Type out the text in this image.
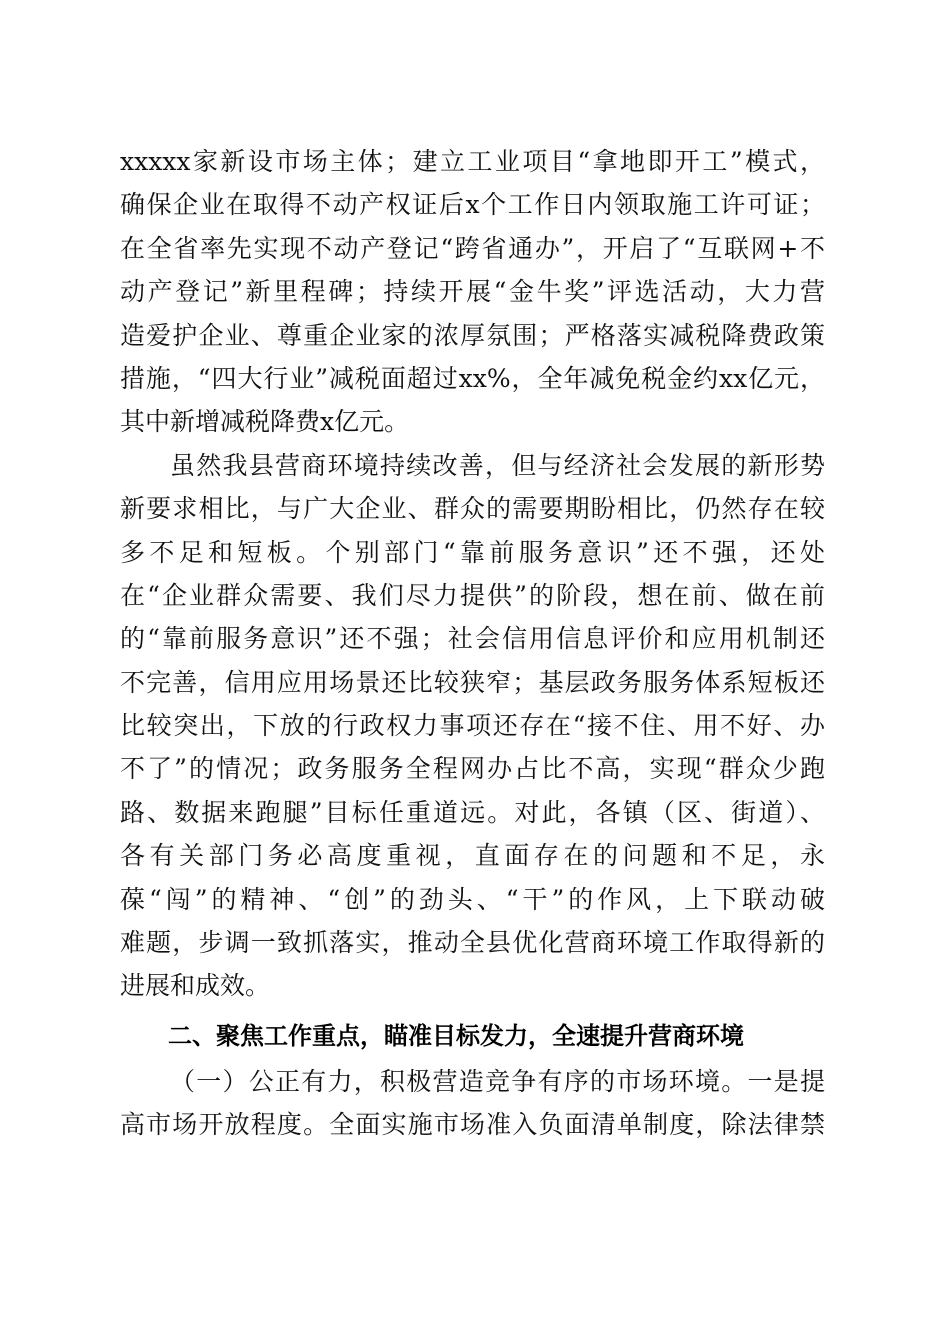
xxxxx家新设市场主体；建立工业项目“拿地即开工”模式，
确保企业在取得不动产权证后x个工作日内领取施工许可证；
在全省率先实现不动产登记“跨省通办”，开启了“互联网+不
动产登记”新里程碑；持续开展“金牛奖”评选活动，大力营
造爱护企业、尊重企业家的浓厚氛围；严格落实减税降费政策
措施，“四大行业”减税面超过xx%，全年减免税金约xx亿元，
其中新增减税降费x亿元。
虽然我县营商环境持续改善，但与经济社会发展的新形势
新要求相比，与广大企业、群众的需要期盼相比，仍然存在较
多不足和短板。个别部门“靠前服务意识”还不强，还处
在“企业群众需要、我们尽力提供”的阶段，想在前、做在前
的“靠前服务意识”还不强；社会信用信息评价和应用机制还
不完善，信用应用场景还比较狭窄；基层政务服务体系短板还
比较突出，下放的行政权力事项还存在“接不住、用不好、办
不了”的情况；政务服务全程网办占比不高，实现“群众少跑
路、数据来跑腿”目标任重道远。对此，各镇（区、街道）、
各有关部门务必高度重视，直面存在的问题和不足，永
葆“闯”的精神、“创”的劲头、“干”的作风，上下联动破
难题，步调一致抓落实，推动全县优化营商环境工作取得新的
进展和成效。
二、聚焦工作重点，瞄准目标发力，全速提升营商环境
（一）公正有力，积极营造竞争有序的市场环境。一是提
高市场开放程度。全面实施市场准入负面清单制度，除法律禁
